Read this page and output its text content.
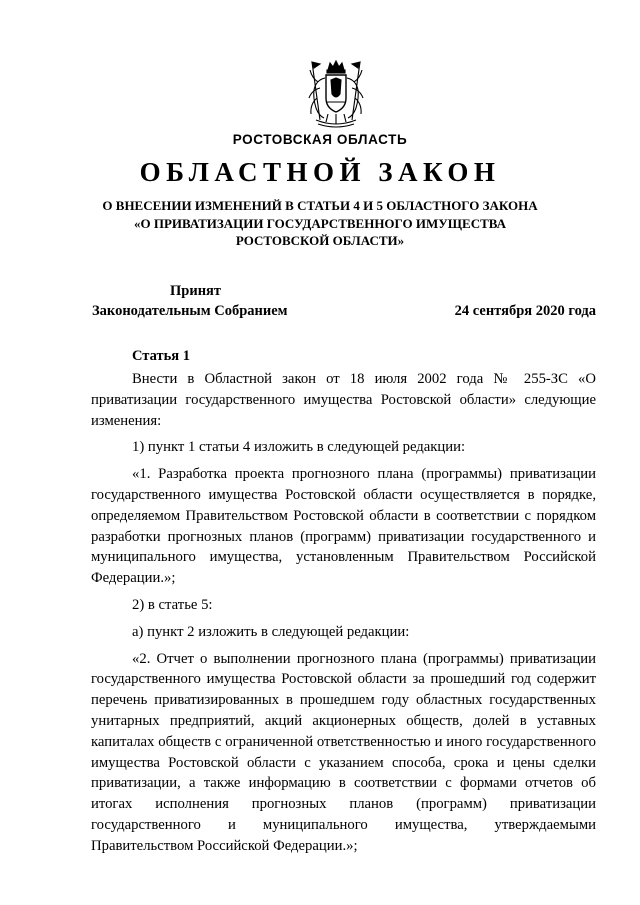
РОСТОВСКАЯ ОБЛАСТЬ
ОБЛАСТНОЙ ЗАКОН
О ВНЕСЕНИИ ИЗМЕНЕНИЙ В СТАТЬИ 4 И 5 ОБЛАСТНОГО ЗАКОНА
«О ПРИВАТИЗАЦИИ ГОСУДАРСТВЕННОГО ИМУЩЕСТВА
РОСТОВСКОЙ ОБЛАСТИ»
Принят
Законодательным Собранием	24 сентября 2020 года
Статья 1

Внести в Областной закон от 18 июля 2002 года № 255-ЗС «О приватизации государственного имущества Ростовской области» следующие изменения:

1) пункт 1 статьи 4 изложить в следующей редакции:

«1. Разработка проекта прогнозного плана (программы) приватизации государственного имущества Ростовской области осуществляется в порядке, определяемом Правительством Ростовской области в соответствии с порядком разработки прогнозных планов (программ) приватизации государственного и муниципального имущества, установленным Правительством Российской Федерации.»;

2) в статье 5:

а) пункт 2 изложить в следующей редакции:

«2. Отчет о выполнении прогнозного плана (программы) приватизации государственного имущества Ростовской области за прошедший год содержит перечень приватизированных в прошедшем году областных государственных унитарных предприятий, акций акционерных обществ, долей в уставных капиталах обществ с ограниченной ответственностью и иного государственного имущества Ростовской области с указанием способа, срока и цены сделки приватизации, а также информацию в соответствии с формами отчетов об итогах исполнения прогнозных планов (программ) приватизации государственного и муниципального имущества, утверждаемыми Правительством Российской Федерации.»;
